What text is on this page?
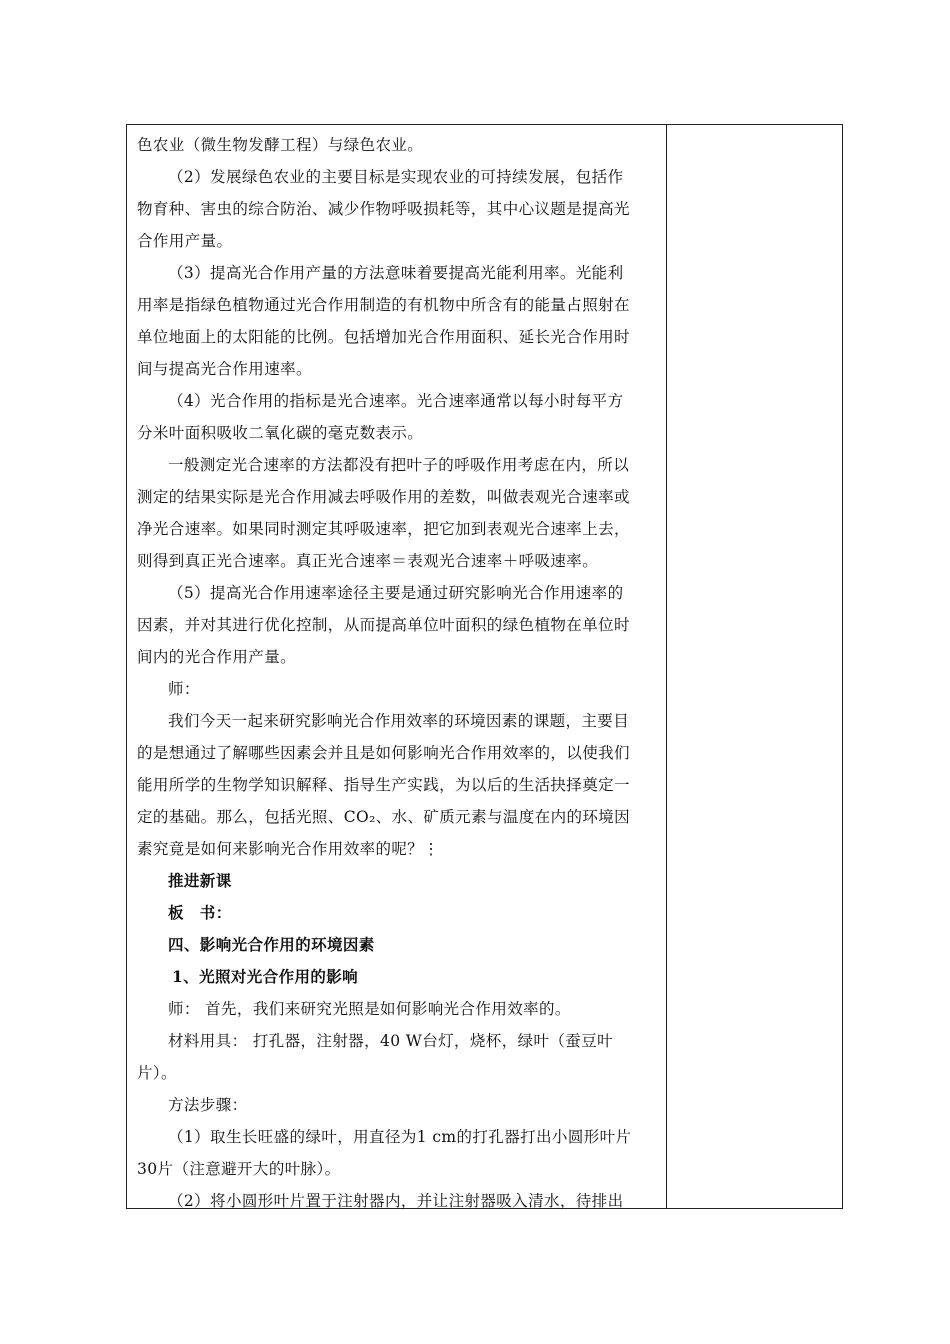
色农业（微生物发酵工程）与绿色农业。
（2）发展绿色农业的主要目标是实现农业的可持续发展，包括作
物育种、害虫的综合防治、减少作物呼吸损耗等，其中心议题是提高光
合作用产量。
（3）提高光合作用产量的方法意味着要提高光能利用率。光能利
用率是指绿色植物通过光合作用制造的有机物中所含有的能量占照射在
单位地面上的太阳能的比例。包括增加光合作用面积、延长光合作用时
间与提高光合作用速率。
（4）光合作用的指标是光合速率。光合速率通常以每小时每平方
分米叶面积吸收二氧化碳的毫克数表示。
一般测定光合速率的方法都没有把叶子的呼吸作用考虑在内，所以
测定的结果实际是光合作用减去呼吸作用的差数，叫做表观光合速率或
净光合速率。如果同时测定其呼吸速率，把它加到表观光合速率上去，
则得到真正光合速率。真正光合速率＝表观光合速率＋呼吸速率。
（5）提高光合作用速率途径主要是通过研究影响光合作用速率的
因素，并对其进行优化控制，从而提高单位叶面积的绿色植物在单位时
间内的光合作用产量。
师：
我们今天一起来研究影响光合作用效率的环境因素的课题，主要目
的是想通过了解哪些因素会并且是如何影响光合作用效率的，以使我们
能用所学的生物学知识解释、指导生产实践，为以后的生活抉择奠定一
定的基础。那么，包括光照、CO₂、水、矿质元素与温度在内的环境因
素究竟是如何来影响光合作用效率的呢？⋮
推进新课
板　书：
四、影响光合作用的环境因素
1、光照对光合作用的影响
师： 首先，我们来研究光照是如何影响光合作用效率的。
材料用具： 打孔器，注射器，40 W台灯，烧杯，绿叶（蚕豆叶
片）。
方法步骤：
（1）取生长旺盛的绿叶，用直径为1 cm的打孔器打出小圆形叶片
30片（注意避开大的叶脉）。
（2）将小圆形叶片置于注射器内，并让注射器吸入清水，待排出
